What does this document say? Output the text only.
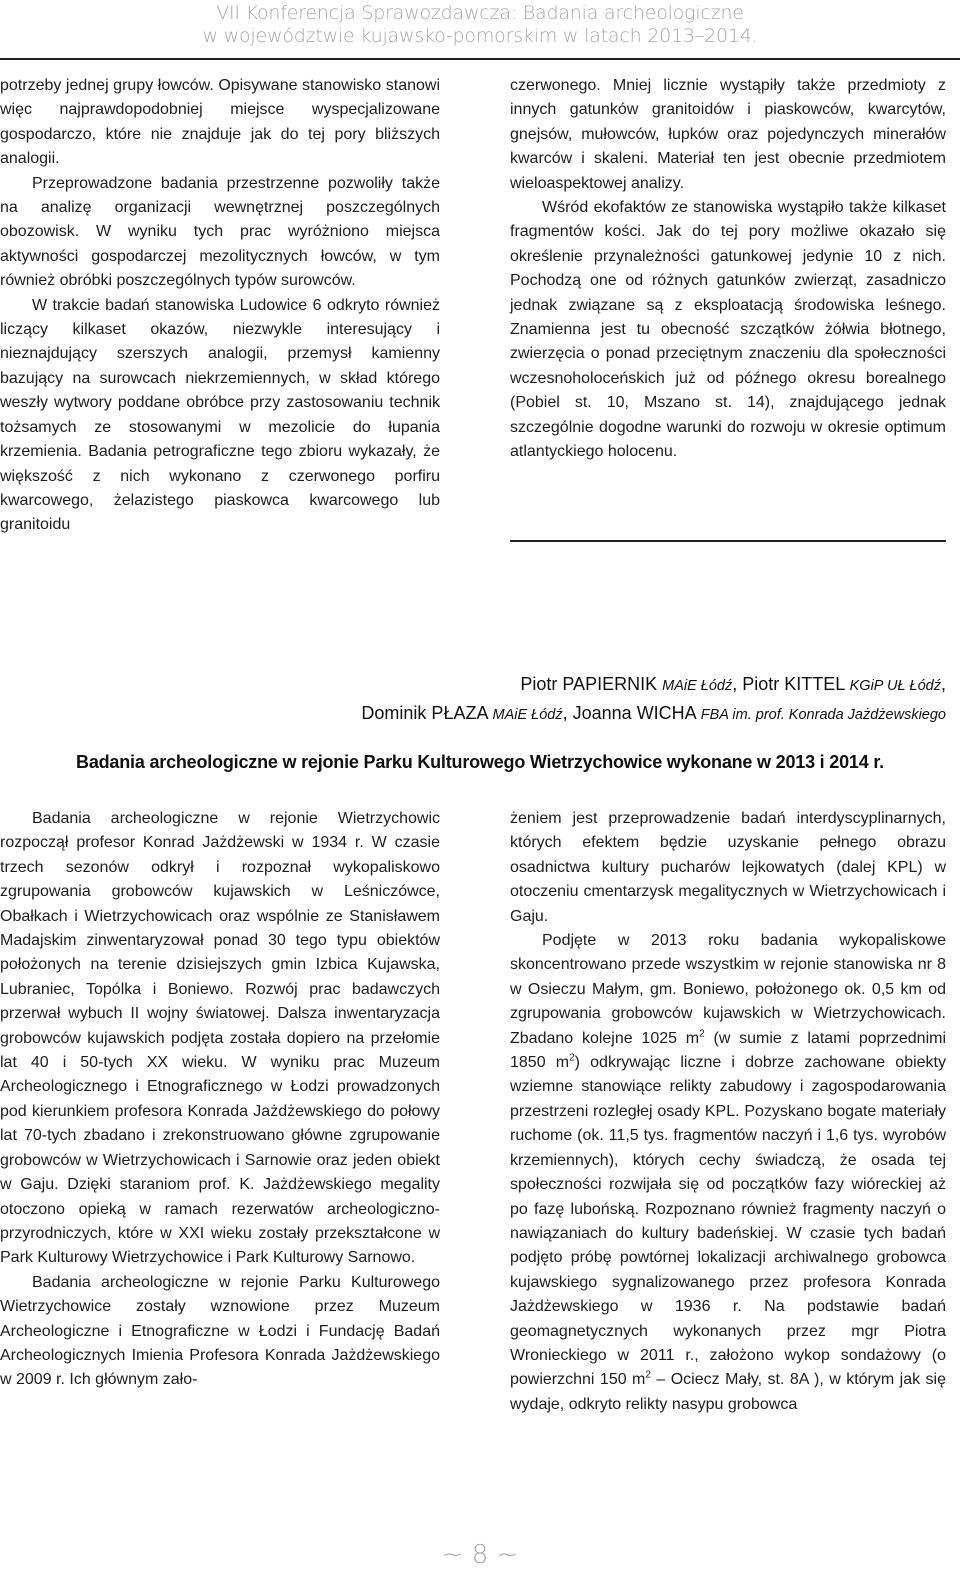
VII Konferencja Sprawozdawcza: Badania archeologiczne
w województwie kujawsko-pomorskim w latach 2013–2014.

potrzeby jednej grupy łowców. Opisywane stanowisko stanowi więc najprawdopodobniej miejsce wyspecjalizowane gospodarczo, które nie znajduje jak do tej pory bliższych analogii.

Przeprowadzone badania przestrzenne pozwoliły także na analizę organizacji wewnętrznej poszczególnych obozowisk. W wyniku tych prac wyróżniono miejsca aktywności gospodarczej mezolitycznych łowców, w tym również obróbki poszczególnych typów surowców.

W trakcie badań stanowiska Ludowice 6 odkryto również liczący kilkaset okazów, niezwykle interesujący i nieznajdujący szerszych analogii, przemysł kamienny bazujący na surowcach niekrzemiennych, w skład którego weszły wytwory poddane obróbce przy zastosowaniu technik tożsamych ze stosowanymi w mezolicie do łupania krzemienia. Badania petrograficzne tego zbioru wykazały, że większość z nich wykonano z czerwonego porfiru kwarcowego, żelazistego piaskowca kwarcowego lub granitoidu

czerwonego. Mniej licznie wystąpiły także przedmioty z innych gatunków granitoidów i piaskowców, kwarcytów, gnejsów, mułowców, łupków oraz pojedynczych minerałów kwarców i skaleni. Materiał ten jest obecnie przedmiotem wieloaspektowej analizy.

Wśród ekofaktów ze stanowiska wystąpiło także kilkaset fragmentów kości. Jak do tej pory możliwe okazało się określenie przynależności gatunkowej jedynie 10 z nich. Pochodzą one od różnych gatunków zwierząt, zasadniczo jednak związane są z eksploatacją środowiska leśnego. Znamienna jest tu obecność szczątków żółwia błotnego, zwierzęcia o ponad przeciętnym znaczeniu dla społeczności wczesnoholoceńskich już od późnego okresu borealnego (Pobiel st. 10, Mszano st. 14), znajdującego jednak szczególnie dogodne warunki do rozwoju w okresie optimum atlantyckiego holocenu.

Piotr PAPIERNIK MAiE Łódź, Piotr KITTEL KGiP UŁ Łódź,
Dominik PŁAZA MAiE Łódź, Joanna WICHA FBA im. prof. Konrada Jażdżewskiego
Badania archeologiczne w rejonie Parku Kulturowego Wietrzychowice wykonane w 2013 i 2014 r.

Badania archeologiczne w rejonie Wietrzychowic rozpoczął profesor Konrad Jażdżewski w 1934 r. W czasie trzech sezonów odkrył i rozpoznał wykopaliskowo zgrupowania grobowców kujawskich w Leśniczówce, Obałkach i Wietrzychowicach oraz wspólnie ze Stanisławem Madajskim zinwentaryzował ponad 30 tego typu obiektów położonych na terenie dzisiejszych gmin Izbica Kujawska, Lubraniec, Topólka i Boniewo. Rozwój prac badawczych przerwał wybuch II wojny światowej. Dalsza inwentaryzacja grobowców kujawskich podjęta została dopiero na przełomie lat 40 i 50-tych XX wieku. W wyniku prac Muzeum Archeologicznego i Etnograficznego w Łodzi prowadzonych pod kierunkiem profesora Konrada Jażdżewskiego do połowy lat 70-tych zbadano i zrekonstruowano główne zgrupowanie grobowców w Wietrzychowicach i Sarnowie oraz jeden obiekt w Gaju. Dzięki staraniom prof. K. Jażdżewskiego megality otoczono opieką w ramach rezerwatów archeologiczno-przyrodniczych, które w XXI wieku zostały przekształcone w Park Kulturowy Wietrzychowice i Park Kulturowy Sarnowo.

Badania archeologiczne w rejonie Parku Kulturowego Wietrzychowice zostały wznowione przez Muzeum Archeologiczne i Etnograficzne w Łodzi i Fundację Badań Archeologicznych Imienia Profesora Konrada Jażdżewskiego w 2009 r. Ich głównym zało-

żeniem jest przeprowadzenie badań interdyscyplinarnych, których efektem będzie uzyskanie pełnego obrazu osadnictwa kultury pucharów lejkowatych (dalej KPL) w otoczeniu cmentarzysk megalitycznych w Wietrzychowicach i Gaju.

Podjęte w 2013 roku badania wykopaliskowe skoncentrowano przede wszystkim w rejonie stanowiska nr 8 w Osieczu Małym, gm. Boniewo, położonego ok. 0,5 km od zgrupowania grobowców kujawskich w Wietrzychowicach. Zbadano kolejne 1025 $m^2$ (w sumie z latami poprzednimi 1850 $m^2$) odkrywając liczne i dobrze zachowane obiekty wziemne stanowiące relikty zabudowy i zagospodarowania przestrzeni rozległej osady KPL. Pozyskano bogate materiały ruchome (ok. 11,5 tys. fragmentów naczyń i 1,6 tys. wyrobów krzemiennych), których cechy świadczą, że osada tej społeczności rozwijała się od początków fazy wióreckiej aż po fazę lubońską. Rozpoznano również fragmenty naczyń o nawiązaniach do kultury badeńskiej. W czasie tych badań podjęto próbę powtórnej lokalizacji archiwalnego grobowca kujawskiego sygnalizowanego przez profesora Konrada Jażdżewskiego w 1936 r. Na podstawie badań geomagnetycznych wykonanych przez mgr Piotra Wronieckiego w 2011 r., założono wykop sondażowy (o powierzchni 150 $m^2$ – Ociecz Mały, st. 8A ), w którym jak się wydaje, odkryto relikty nasypu grobowca

~ 8 ~
